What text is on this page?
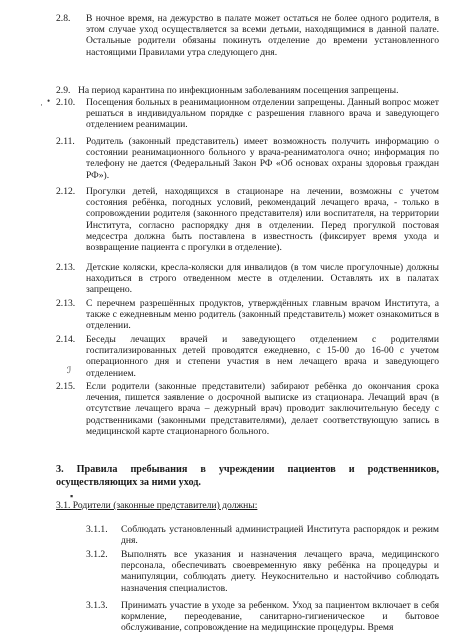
2.8. В ночное время, на дежурство в палате может остаться не более одного родителя, в этом случае уход осуществляется за всеми детьми, находящимися в данной палате. Остальные родители обязаны покинуть отделение до времени установленного настоящими Правилами утра следующего дня.
2.9. На период карантина по инфекционным заболеваниям посещения запрещены.
2.10. Посещения больных в реанимационном отделении запрещены. Данный вопрос может решаться в индивидуальном порядке с разрешения главного врача и заведующего отделением реанимации.
2.11. Родитель (законный представитель) имеет возможность получить информацию о состоянии реанимационного больного у врача-реаниматолога очно; информация по телефону не дается (Федеральный Закон РФ «Об основах охраны здоровья граждан РФ»).
2.12. Прогулки детей, находящихся в стационаре на лечении, возможны с учетом состояния ребёнка, погодных условий, рекомендаций лечащего врача, - только в сопровождении родителя (законного представителя) или воспитателя, на территории Института, согласно распорядку дня в отделении. Перед прогулкой постовая медсестра должна быть поставлена в известность (фиксирует время ухода и возвращение пациента с прогулки в отделение).
2.13. Детские коляски, кресла-коляски для инвалидов (в том числе прогулочные) должны находиться в строго отведенном месте в отделении. Оставлять их в палатах запрещено.
2.13. С перечнем разрешённых продуктов, утверждённых главным врачом Института, а также с ежедневным меню родитель (законный представитель) может ознакомиться в отделении.
2.14. Беседы лечащих врачей и заведующего отделением с родителями госпитализированных детей проводятся ежедневно, с 15-00 до 16-00 с учетом операционного дня и степени участия в нем лечащего врача и заведующего отделением.
2.15. Если родители (законные представители) забирают ребёнка до окончания срока лечения, пишется заявление о досрочной выписке из стационара. Лечащий врач (в отсутствие лечащего врача – дежурный врач) проводит заключительную беседу с родственниками (законными представителями), делает соответствующую запись в медицинской карте стационарного больного.
3. Правила пребывания в учреждении пациентов и родственников, осуществляющих за ними уход.
3.1. Родители (законные представители) должны:
3.1.1. Соблюдать установленный администрацией Института распорядок и режим дня.
3.1.2. Выполнять все указания и назначения лечащего врача, медицинского персонала, обеспечивать своевременную явку ребёнка на процедуры и манипуляции, соблюдать диету. Неукоснительно и настойчиво соблюдать назначения специалистов.
3.1.3. Принимать участие в уходе за ребенком. Уход за пациентом включает в себя кормление, переодевание, санитарно-гигиеническое и бытовое обслуживание, сопровождение на медицинские процедуры. Время
•
·
ℐ
▪
